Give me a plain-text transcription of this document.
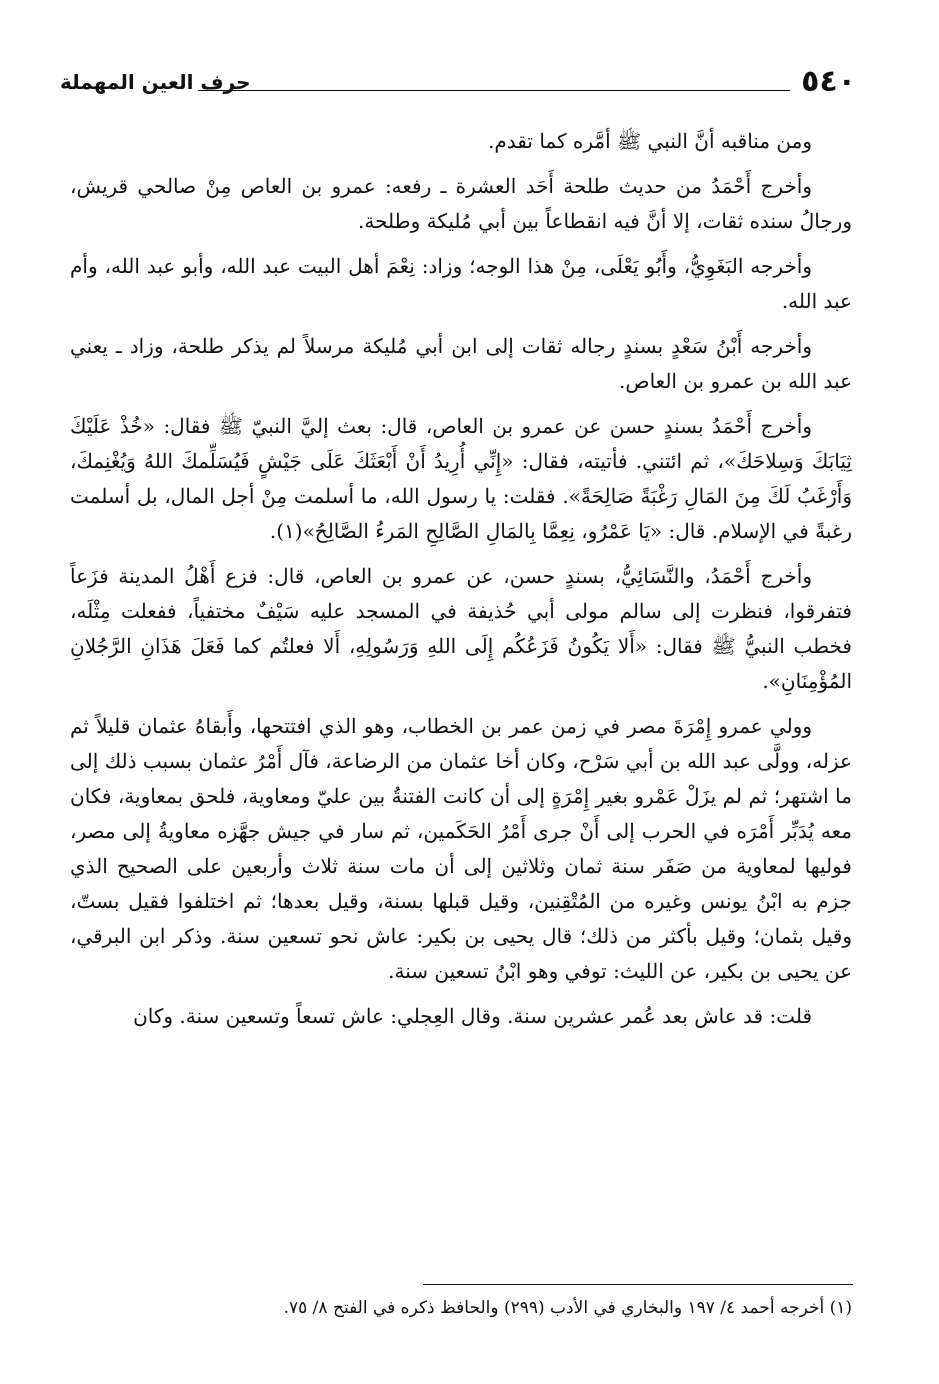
٥٤٠
حرف العين المهملة

ومن مناقبه أنَّ النبي ﷺ أمَّره كما تقدم.

وأخرج أَحْمَدُ من حديث طلحة أَحَد العشرة ـ رفعه: عمرو بن العاص مِنْ صالحي قريش، ورجالُ سنده ثقات، إلا أنَّ فيه انقطاعاً بين أبي مُليكة وطلحة.

وأخرجه البَغَوِيُّ، وأَبُو يَعْلَى، مِنْ هذا الوجه؛ وزاد: نِعْمَ أهل البيت عبد الله، وأبو عبد الله، وأم عبد الله.

وأخرجه أَبْنُ سَعْدٍ بسندٍ رجاله ثقات إلى ابن أبي مُليكة مرسلاً لم يذكر طلحة، وزاد ـ يعني عبد الله بن عمرو بن العاص.

وأخرج أَحْمَدُ بسندٍ حسن عن عمرو بن العاص، قال: بعث إليَّ النبيّ ﷺ فقال: «خُذْ عَلَيْكَ ثِيَابَكَ وَسِلاحَكَ»، ثم ائتني. فأتيته، فقال: «إِنِّي أُرِيدُ أَنْ أَبْعَثَكَ عَلَى جَيْشٍ فَيُسَلِّمكَ اللهُ وَيُغْنِمكَ، وَأَرْغَبُ لَكَ مِنَ المَالِ رَغْبَةً صَالِحَةً». فقلت: يا رسول الله، ما أسلمت مِنْ أجل المال، بل أسلمت رغبةً في الإسلام. قال: «يَا عَمْرُو، نِعِمَّا بِالمَالِ الصَّالِحِ المَرءُ الصَّالِحُ»(١).

وأخرج أَحْمَدُ، والنَّسَائِيُّ، بسندٍ حسن، عن عمرو بن العاص، قال: فزع أَهْلُ المدينة فزَعاً فتفرقوا، فنظرت إلى سالم مولى أبي حُذيفة في المسجد عليه سَيْفٌ مختفياً، ففعلت مِثْلَه، فخطب النبيُّ ﷺ فقال: «أَلا يَكُونُ فَزَعُكُم إِلَى اللهِ وَرَسُولِهِ، أَلا فعلتُم كما فَعَلَ هَذَانِ الرَّجُلانِ المُؤْمِنَانِ».

وولي عمرو إِمْرَةَ مصر في زمن عمر بن الخطاب، وهو الذي افتتحها، وأَبقاهُ عثمان قليلاً ثم عزله، وولَّى عبد الله بن أبي سَرْح، وكان أخا عثمان من الرضاعة، فآل أَمْرُ عثمان بسبب ذلك إلى ما اشتهر؛ ثم لم يزَلْ عَمْرو بغير إِمْرَةٍ إلى أن كانت الفتنةُ بين عليّ ومعاوية، فلحق بمعاوية، فكان معه يُدَبِّر أَمْرَه في الحرب إلى أَنْ جرى أَمْرُ الحَكَمين، ثم سار في جيش جهَّزه معاويةُ إلى مصر، فوليها لمعاوية من صَفَر سنة ثمان وثلاثين إلى أن مات سنة ثلاث وأربعين على الصحيح الذي جزم به ابْنُ يونس وغيره من المُتْقِنين، وقيل قبلها بسنة، وقيل بعدها؛ ثم اختلفوا فقيل بستّ، وقيل بثمان؛ وقيل بأكثر من ذلك؛ قال يحيى بن بكير: عاش نحو تسعين سنة. وذكر ابن البرقي، عن يحيى بن بكير، عن الليث: توفي وهو ابْنُ تسعين سنة.

قلت: قد عاش بعد عُمر عشرين سنة. وقال العِجلي: عاش تسعاً وتسعين سنة. وكان

(١) أخرجه أحمد ٤/ ١٩٧ والبخاري في الأدب (٢٩٩) والحافظ ذكره في الفتح ٨/ ٧٥.
